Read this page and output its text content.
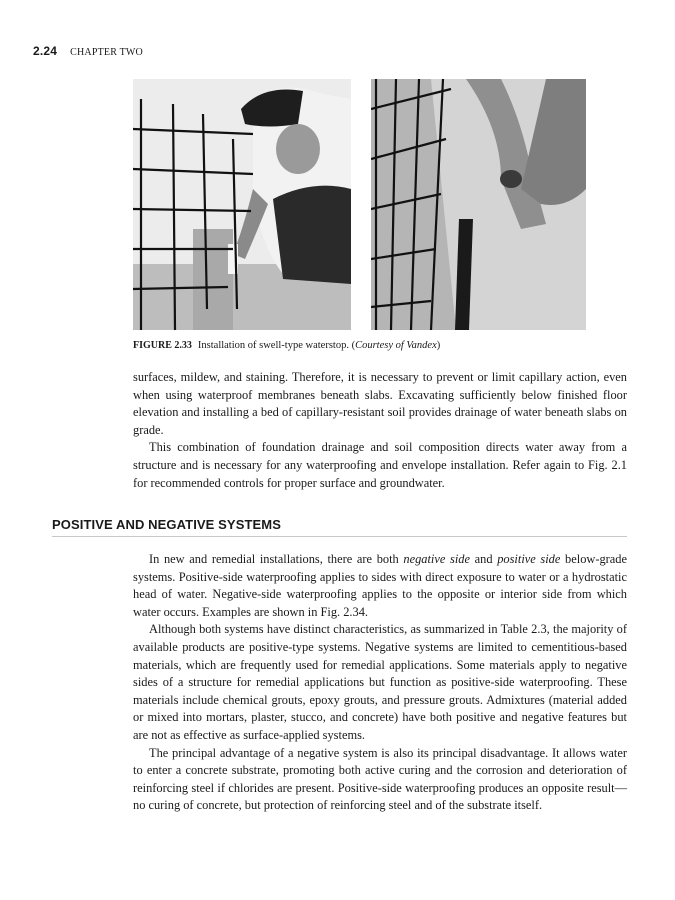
2.24 CHAPTER TWO
FIGURE 2.33 Installation of swell-type waterstop. (Courtesy of Vandex)

surfaces, mildew, and staining. Therefore, it is necessary to prevent or limit capillary action, even when using waterproof membranes beneath slabs. Excavating sufficiently below finished floor elevation and installing a bed of capillary-resistant soil provides drainage of water beneath slabs on grade.

This combination of foundation drainage and soil composition directs water away from a structure and is necessary for any waterproofing and envelope installation. Refer again to Fig. 2.1 for recommended controls for proper surface and groundwater.

POSITIVE AND NEGATIVE SYSTEMS

In new and remedial installations, there are both negative side and positive side below-grade systems. Positive-side waterproofing applies to sides with direct exposure to water or a hydrostatic head of water. Negative-side waterproofing applies to the opposite or interior side from which water occurs. Examples are shown in Fig. 2.34.

Although both systems have distinct characteristics, as summarized in Table 2.3, the majority of available products are positive-type systems. Negative systems are limited to cementitious-based materials, which are frequently used for remedial applications. Some materials apply to negative sides of a structure for remedial applications but function as positive-side waterproofing. These materials include chemical grouts, epoxy grouts, and pressure grouts. Admixtures (material added or mixed into mortars, plaster, stucco, and concrete) have both positive and negative features but are not as effective as surface-applied systems.

The principal advantage of a negative system is also its principal disadvantage. It allows water to enter a concrete substrate, promoting both active curing and the corrosion and deterioration of reinforcing steel if chlorides are present. Positive-side waterproofing produces an opposite result—no curing of concrete, but protection of reinforcing steel and of the substrate itself.
